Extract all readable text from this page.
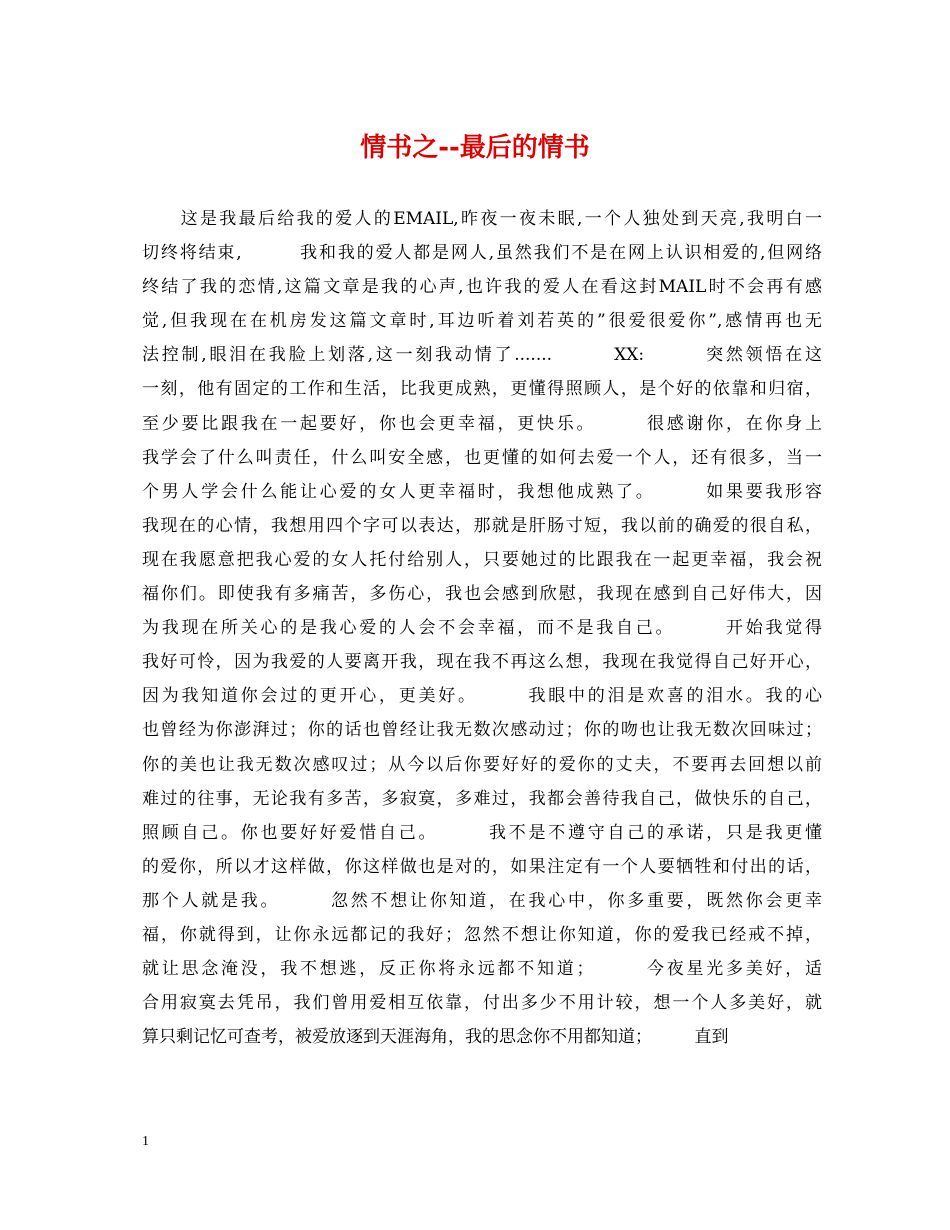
情书之--最后的情书
　　这是我最后给我的爱人的EMAIL,昨夜一夜未眠,一个人独处到天亮,我明白一
切终将结束,　　　我和我的爱人都是网人,虽然我们不是在网上认识相爱的,但网络
终结了我的恋情,这篇文章是我的心声,也许我的爱人在看这封MAIL时不会再有感
觉,但我现在在机房发这篇文章时,耳边听着刘若英的”很爱很爱你”,感情再也无
法控制,眼泪在我脸上划落,这一刻我动情了.......　　　XX:　　　突然领悟在这
一刻，他有固定的工作和生活，比我更成熟，更懂得照顾人，是个好的依靠和归宿，
至少要比跟我在一起要好，你也会更幸福，更快乐。　　　很感谢你，在你身上
我学会了什么叫责任，什么叫安全感，也更懂的如何去爱一个人，还有很多，当一
个男人学会什么能让心爱的女人更幸福时，我想他成熟了。　　　如果要我形容
我现在的心情，我想用四个字可以表达，那就是肝肠寸短，我以前的确爱的很自私，
现在我愿意把我心爱的女人托付给别人，只要她过的比跟我在一起更幸福，我会祝
福你们。即使我有多痛苦，多伤心，我也会感到欣慰，我现在感到自己好伟大，因
为我现在所关心的是我心爱的人会不会幸福，而不是我自己。　　　开始我觉得
我好可怜，因为我爱的人要离开我，现在我不再这么想，我现在我觉得自己好开心，
因为我知道你会过的更开心，更美好。　　　我眼中的泪是欢喜的泪水。我的心
也曾经为你澎湃过；你的话也曾经让我无数次感动过；你的吻也让我无数次回味过；
你的美也让我无数次感叹过；从今以后你要好好的爱你的丈夫，不要再去回想以前
难过的往事，无论我有多苦，多寂寞，多难过，我都会善待我自己，做快乐的自己，
照顾自己。你也要好好爱惜自己。　　　我不是不遵守自己的承诺，只是我更懂
的爱你，所以才这样做，你这样做也是对的，如果注定有一个人要牺牲和付出的话，
那个人就是我。　　　忽然不想让你知道，在我心中，你多重要，既然你会更幸
福，你就得到，让你永远都记的我好；忽然不想让你知道，你的爱我已经戒不掉，
就让思念淹没，我不想逃，反正你将永远都不知道；　　　今夜星光多美好，适
合用寂寞去凭吊，我们曾用爱相互依靠，付出多少不用计较，想一个人多美好，就
算只剩记忆可查考，被爱放逐到天涯海角，我的思念你不用都知道；　　　直到
1
